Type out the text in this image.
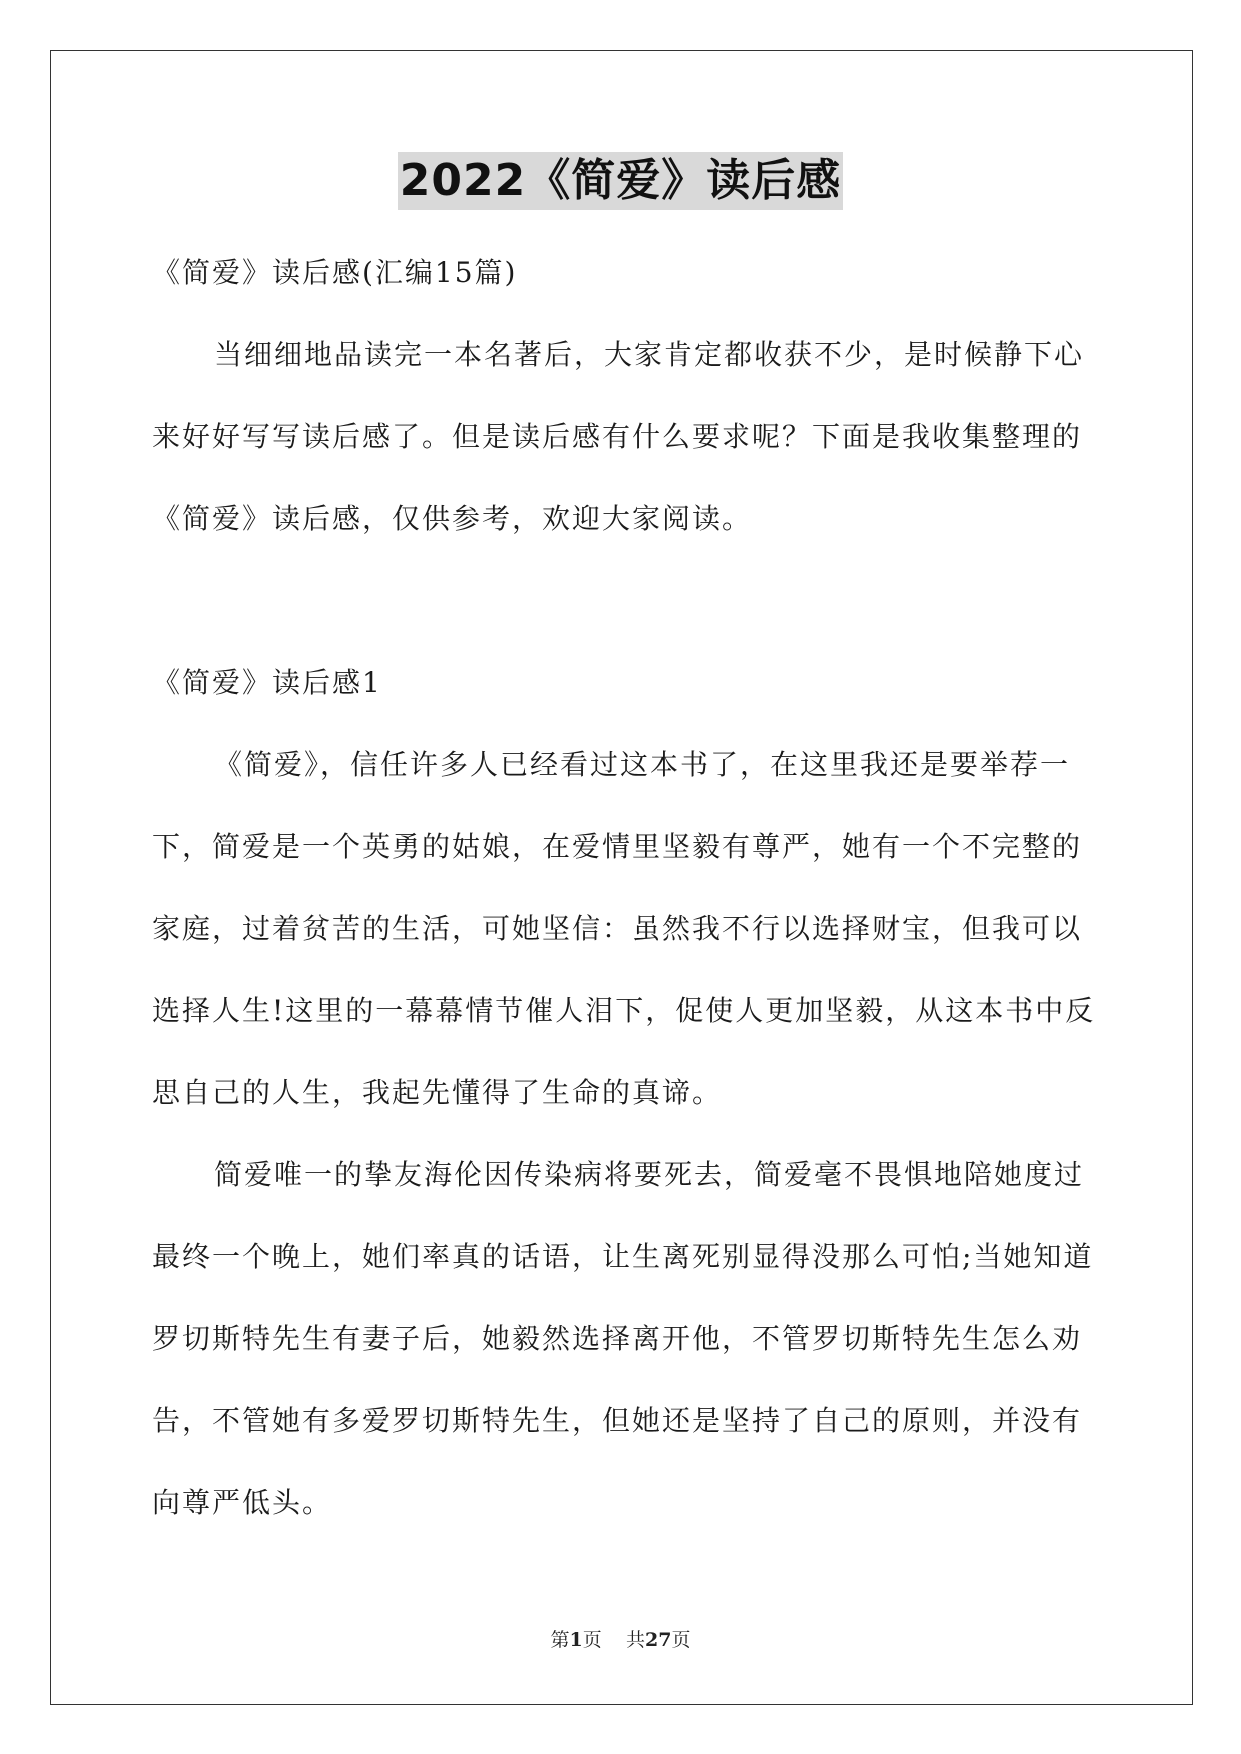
2022《简爱》读后感

《简爱》读后感(汇编15篇)

当细细地品读完一本名著后，大家肯定都收获不少，是时候静下心来好好写写读后感了。但是读后感有什么要求呢？下面是我收集整理的《简爱》读后感，仅供参考，欢迎大家阅读。

《简爱》读后感1

《简爱》，信任许多人已经看过这本书了，在这里我还是要举荐一下，简爱是一个英勇的姑娘，在爱情里坚毅有尊严，她有一个不完整的家庭，过着贫苦的生活，可她坚信：虽然我不行以选择财宝，但我可以选择人生!这里的一幕幕情节催人泪下，促使人更加坚毅，从这本书中反思自己的人生，我起先懂得了生命的真谛。

简爱唯一的挚友海伦因传染病将要死去，简爱毫不畏惧地陪她度过最终一个晚上，她们率真的话语，让生离死别显得没那么可怕;当她知道罗切斯特先生有妻子后，她毅然选择离开他，不管罗切斯特先生怎么劝告，不管她有多爱罗切斯特先生，但她还是坚持了自己的原则，并没有向尊严低头。

第1页 共27页
